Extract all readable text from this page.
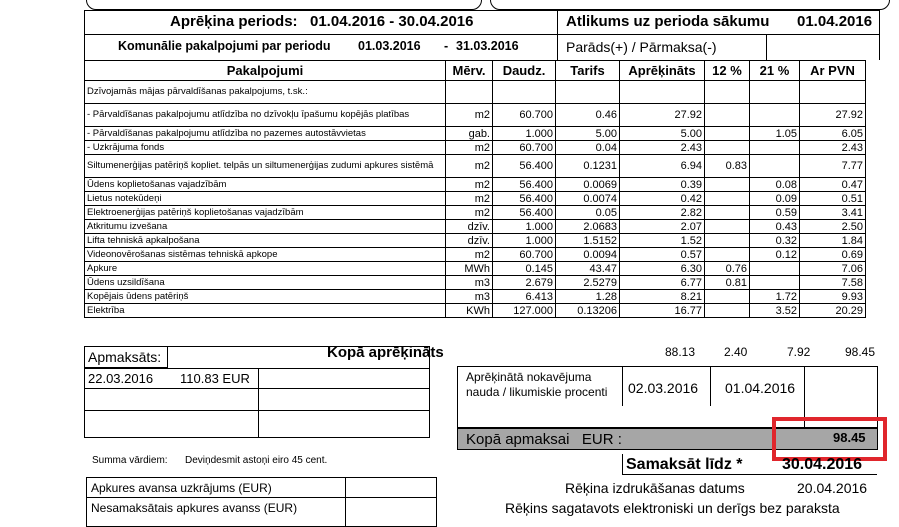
Aprēķina periods: 01.04.2016 - 30.04.2016	Atlikums uz perioda sākumu 01.04.2016
Komunālie pakalpojumi par periodu 01.03.2016 - 31.03.2016	Parāds(+) / Pārmaksa(-)
Pakalpojumi	Mērv.	Daudz.	Tarifs	Aprēķināts	12 %	21 %	Ar PVN
Dzīvojamās mājas pārvaldīšanas pakalpojums, t.sk.:							
- Pārvaldīšanas pakalpojumu atlīdzība no dzīvokļu īpašumu kopējās platības	m2	60.700	0.46	27.92			27.92
- Pārvaldīšanas pakalpojumu atlīdzība no pazemes autostāvvietas	gab.	1.000	5.00	5.00		1.05	6.05
- Uzkrājuma fonds	m2	60.700	0.04	2.43			2.43
Siltumenerģijas patēriņš kopliet. telpās un siltumenerģijas zudumi apkures sistēmā	m2	56.400	0.1231	6.94	0.83		7.77
Ūdens koplietošanas vajadzībām	m2	56.400	0.0069	0.39		0.08	0.47
Lietus notekūdeņi	m2	56.400	0.0074	0.42		0.09	0.51
Elektroenerģijas patēriņš koplietošanas vajadzībām	m2	56.400	0.05	2.82		0.59	3.41
Atkritumu izvešana	dzīv.	1.000	2.0683	2.07		0.43	2.50
Lifta tehniskā apkalpošana	dzīv.	1.000	1.5152	1.52		0.32	1.84
Videonovērošanas sistēmas tehniskā apkope	m2	60.700	0.0094	0.57		0.12	0.69
Apkure	MWh	0.145	43.47	6.30	0.76		7.06
Ūdens uzsildīšana	m3	2.679	2.5279	6.77	0.81		7.58
Kopējais ūdens patēriņš	m3	6.413	1.28	8.21		1.72	9.93
Elektrība	KWh	127.000	0.13206	16.77		3.52	20.29
Apmaksāts:	Kopā aprēķināts	88.13 2.40	7.92	98.45
22.03.2016 110.83 EUR	Aprēķinātā nokavējuma
nauda / likumiskie procenti 02.03.2016 01.04.2016
Kopā apmaksai   EUR :	98.45
Summa vārdiem: Deviņdesmit astoņi eiro 45 cent.	Samaksāt līdz * 30.04.2016
Rēķina izdrukāšanas datums	20.04.2016
Apkures avansa uzkrājums (EUR)
Nesamaksātais apkures avanss (EUR)	Rēķins sagatavots elektroniski un derīgs bez paraksta
